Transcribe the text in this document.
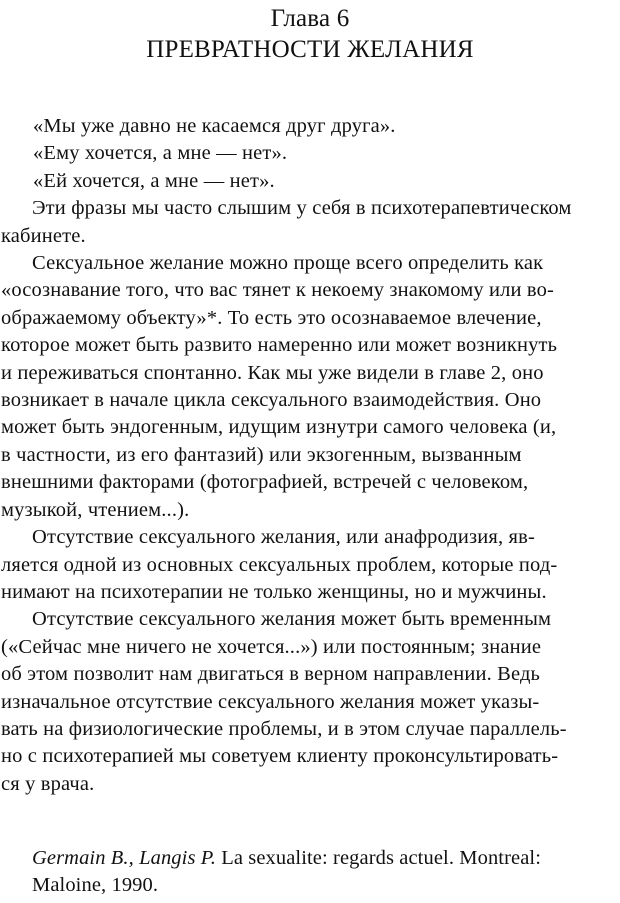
Глава 6
ПРЕВРАТНОСТИ ЖЕЛАНИЯ
«Мы уже давно не касаемся друг друга».
«Ему хочется, а мне — нет».
«Ей хочется, а мне — нет».
Эти фразы мы часто слышим у себя в психотерапевтическом
кабинете.
Сексуальное желание можно проще всего определить как
«осознавание того, что вас тянет к некоему знакомому или во-
ображаемому объекту»*. То есть это осознаваемое влечение,
которое может быть развито намеренно или может возникнуть
и переживаться спонтанно. Как мы уже видели в главе 2, оно
возникает в начале цикла сексуального взаимодействия. Оно
может быть эндогенным, идущим изнутри самого человека (и,
в частности, из его фантазий) или экзогенным, вызванным
внешними факторами (фотографией, встречей с человеком,
музыкой, чтением...).
Отсутствие сексуального желания, или анафродизия, яв-
ляется одной из основных сексуальных проблем, которые под-
нимают на психотерапии не только женщины, но и мужчины.
Отсутствие сексуального желания может быть временным
(«Сейчас мне ничего не хочется...») или постоянным; знание
об этом позволит нам двигаться в верном направлении. Ведь
изначальное отсутствие сексуального желания может указы-
вать на физиологические проблемы, и в этом случае параллель-
но с психотерапией мы советуем клиенту проконсультировать-
ся у врача.
Germain B., Langis P. La sexualite: regards actuel. Montreal:
Maloine, 1990.
